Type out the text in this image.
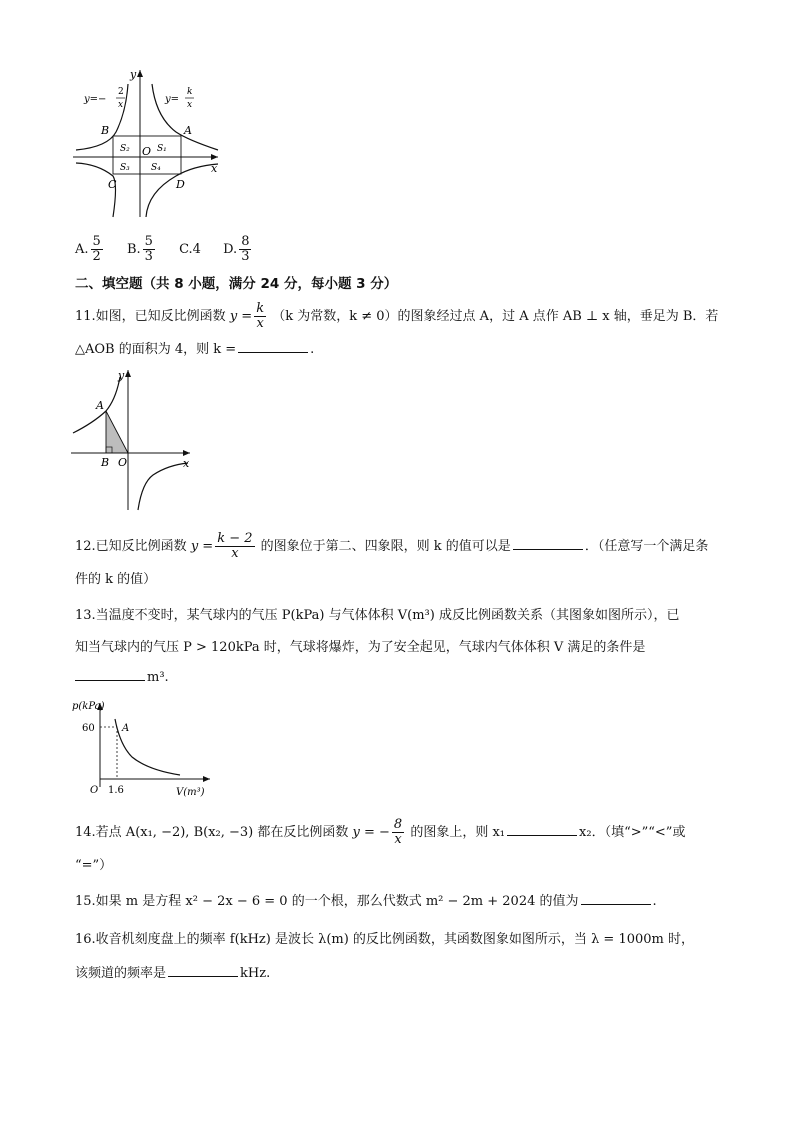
y
x
y=−
2
x	y=
k
x
B	A
C	D
O
S₂	S₁
S₃ S₄
A. $\frac{5}{2} B$. $\frac{5}{3} C.4$ D. $\frac{8}{3}$
二、填空题（共 8 小题，满分 24 分，每小题 3 分）
11.如图，已知反比例函数 $y = \frac{k}{x} (k$ 为常数，k ≠ 0）的图象经过点 A，过 A 点作 AB ⊥ x 轴，垂足为 B．若
△AOB 的面积为 4，则 k =	.
y
x
A
B O
12.已知反比例函数 $y = \frac{k - 2}{x}$ 的图象位于第二、四象限，则 k 的值可以是	．（任意写一个满足条
件的 k 的值）
13.当温度不变时，某气球内的气压 P(kPa) 与气体体积 V(m³) 成反比例函数关系（其图象如图所示），已
知当气球内的气压 P > 120kPa 时，气球将爆炸，为了安全起见，气球内气体体积 V 满足的条件是
m³.
p(kPa)
60	A
O 1.6	V(m³)
14.若点 A(x₁, −2), B(x₂, −3) 都在反比例函数 y = − $\frac{8}{x}$ 的图象上，则 x₁	x₂．（填“>”“<”或
“=”）
15.如果 m 是方程 x² − 2x − 6 = 0 的一个根，那么代数式 m² − 2m + 2024 的值为	.
16.收音机刻度盘上的频率 f(kHz) 是波长 λ(m) 的反比例函数，其函数图象如图所示，当 λ = 1000m 时，
该频道的频率是	kHz.
